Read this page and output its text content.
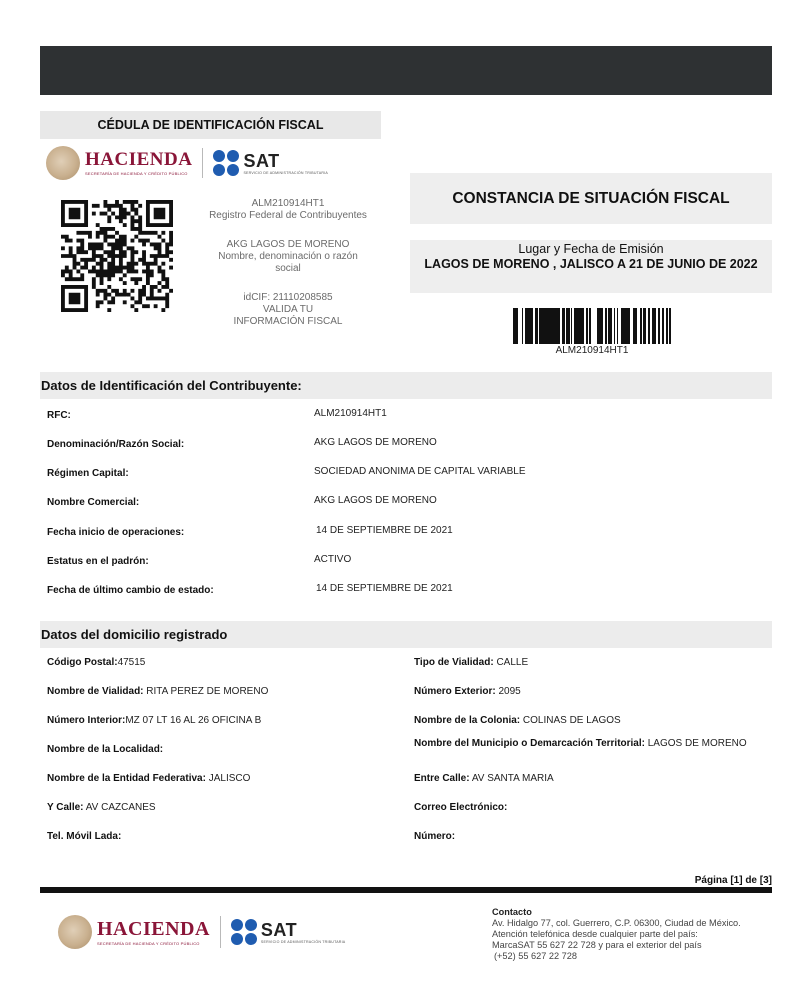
CÉDULA DE IDENTIFICACIÓN FISCAL
HACIENDA
SECRETARÍA DE HACIENDA Y CRÉDITO PÚBLICO
SAT
SERVICIO DE ADMINISTRACIÓN TRIBUTARIA
ALM210914HT1
Registro Federal de Contribuyentes
AKG LAGOS DE MORENO
Nombre, denominación o razón social
idCIF: 21110208585
VALIDA TU INFORMACIÓN FISCAL
CONSTANCIA DE SITUACIÓN FISCAL
Lugar y Fecha de Emisión
LAGOS DE MORENO , JALISCO A 21 DE JUNIO DE 2022
ALM210914HT1
Datos de Identificación del Contribuyente:
RFC:	ALM210914HT1
Denominación/Razón Social:	AKG LAGOS DE MORENO
Régimen Capital:	SOCIEDAD ANONIMA DE CAPITAL VARIABLE
Nombre Comercial:	AKG LAGOS DE MORENO
Fecha inicio de operaciones:	14 DE SEPTIEMBRE DE 2021
Estatus en el padrón:	ACTIVO
Fecha de último cambio de estado:	14 DE SEPTIEMBRE DE 2021
Datos del domicilio registrado
Código Postal:47515
Nombre de Vialidad: RITA PEREZ DE MORENO
Número Interior:MZ 07 LT 16 AL 26 OFICINA B
Nombre de la Localidad:
Nombre de la Entidad Federativa: JALISCO
Y Calle: AV CAZCANES
Tel. Móvil Lada:
Tipo de Vialidad: CALLE
Número Exterior: 2095
Nombre de la Colonia: COLINAS DE LAGOS
Nombre del Municipio o Demarcación Territorial: LAGOS DE MORENO
Entre Calle: AV SANTA MARIA
Correo Electrónico:
Número:
Página [1] de [3]
HACIENDA
SECRETARÍA DE HACIENDA Y CRÉDITO PÚBLICO
SAT
SERVICIO DE ADMINISTRACIÓN TRIBUTARIA
Contacto
Av. Hidalgo 77, col. Guerrero, C.P. 06300, Ciudad de México.
Atención telefónica desde cualquier parte del país:
MarcaSAT 55 627 22 728 y para el exterior del país
(+52) 55 627 22 728
